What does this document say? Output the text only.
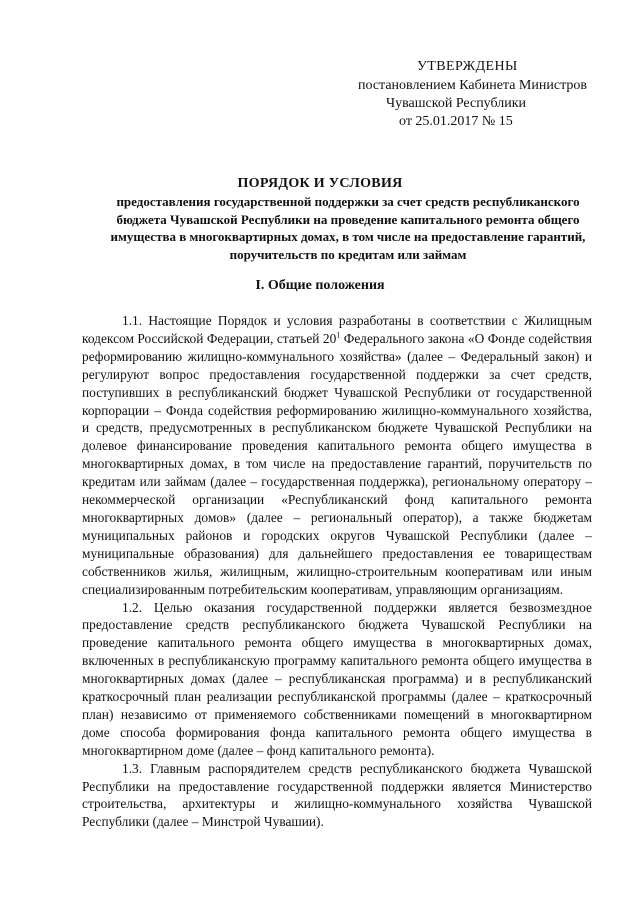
УТВЕРЖДЕНЫ
постановлением Кабинета Министров
Чувашской Республики
от 25.01.2017 № 15
ПОРЯДОК И УСЛОВИЯ
предоставления государственной поддержки за счет средств республиканского бюджета Чувашской Республики на проведение капитального ремонта общего имущества в многоквартирных домах, в том числе на предоставление гарантий, поручительств по кредитам или займам
I. Общие положения

1.1. Настоящие Порядок и условия разработаны в соответствии с Жилищным кодексом Российской Федерации, статьей $20^1$ Федерального закона «О Фонде содействия реформированию жилищно-коммунального хозяйства» (далее – Федеральный закон) и регулируют вопрос предоставления государственной поддержки за счет средств, поступивших в республиканский бюджет Чувашской Республики от государственной корпорации – Фонда содействия реформированию жилищно-коммунального хозяйства, и средств, предусмотренных в республиканском бюджете Чувашской Республики на долевое финансирование проведения капитального ремонта общего имущества в многоквартирных домах, в том числе на предоставление гарантий, поручительств по кредитам или займам (далее – государственная поддержка), региональному оператору – некоммерческой организации «Республиканский фонд капитального ремонта многоквартирных домов» (далее – региональный оператор), а также бюджетам муниципальных районов и городских округов Чувашской Республики (далее – муниципальные образования) для дальнейшего предоставления ее товариществам собственников жилья, жилищным, жилищно-строительным кооперативам или иным специализированным потребительским кооперативам, управляющим организациям.

1.2. Целью оказания государственной поддержки является безвозмездное предоставление средств республиканского бюджета Чувашской Республики на проведение капитального ремонта общего имущества в многоквартирных домах, включенных в республиканскую программу капитального ремонта общего имущества в многоквартирных домах (далее – республиканская программа) и в республиканский краткосрочный план реализации республиканской программы (далее – краткосрочный план) независимо от применяемого собственниками помещений в многоквартирном доме способа формирования фонда капитального ремонта общего имущества в многоквартирном доме (далее – фонд капитального ремонта).

1.3. Главным распорядителем средств республиканского бюджета Чувашской Республики на предоставление государственной поддержки является Министерство строительства, архитектуры и жилищно-коммунального хозяйства Чувашской Республики (далее – Минстрой Чувашии).
